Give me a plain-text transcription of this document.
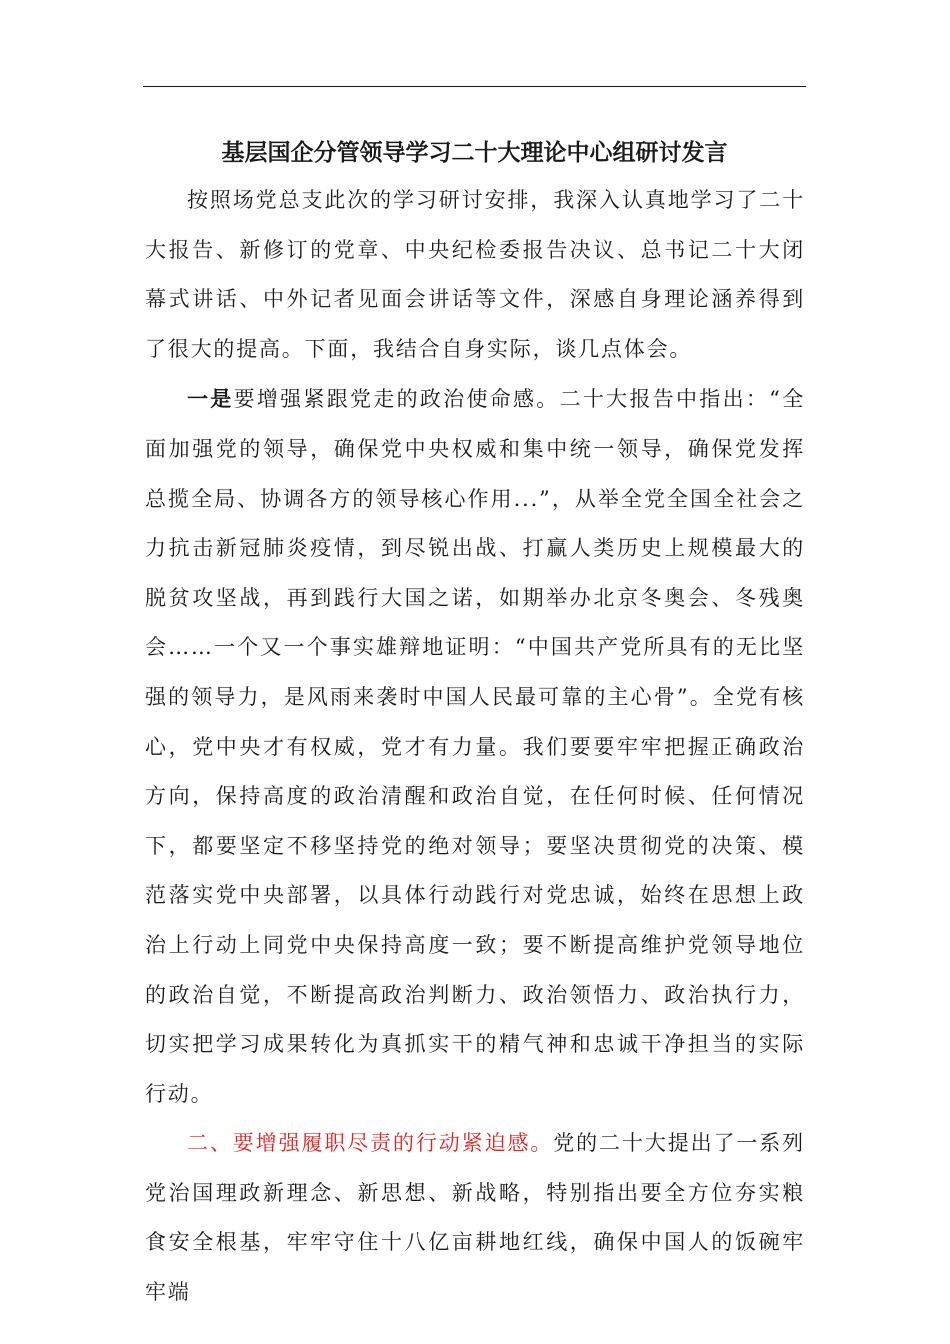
基层国企分管领导学习二十大理论中心组研讨发言

按照场党总支此次的学习研讨安排，我深入认真地学习了二十大报告、新修订的党章、中央纪检委报告决议、总书记二十大闭幕式讲话、中外记者见面会讲话等文件，深感自身理论涵养得到了很大的提高。下面，我结合自身实际，谈几点体会。

一是要增强紧跟党走的政治使命感。二十大报告中指出：“全面加强党的领导，确保党中央权威和集中统一领导，确保党发挥总揽全局、协调各方的领导核心作用...”，从举全党全国全社会之力抗击新冠肺炎疫情，到尽锐出战、打赢人类历史上规模最大的脱贫攻坚战，再到践行大国之诺，如期举办北京冬奥会、冬残奥会……一个又一个事实雄辩地证明：“中国共产党所具有的无比坚强的领导力，是风雨来袭时中国人民最可靠的主心骨”。全党有核心，党中央才有权威，党才有力量。我们要要牢牢把握正确政治方向，保持高度的政治清醒和政治自觉，在任何时候、任何情况下，都要坚定不移坚持党的绝对领导；要坚决贯彻党的决策、模范落实党中央部署，以具体行动践行对党忠诚，始终在思想上政治上行动上同党中央保持高度一致；要不断提高维护党领导地位的政治自觉，不断提高政治判断力、政治领悟力、政治执行力，切实把学习成果转化为真抓实干的精气神和忠诚干净担当的实际行动。

二、要增强履职尽责的行动紧迫感。党的二十大提出了一系列党治国理政新理念、新思想、新战略，特别指出要全方位夯实粮食安全根基，牢牢守住十八亿亩耕地红线，确保中国人的饭碗牢牢端
